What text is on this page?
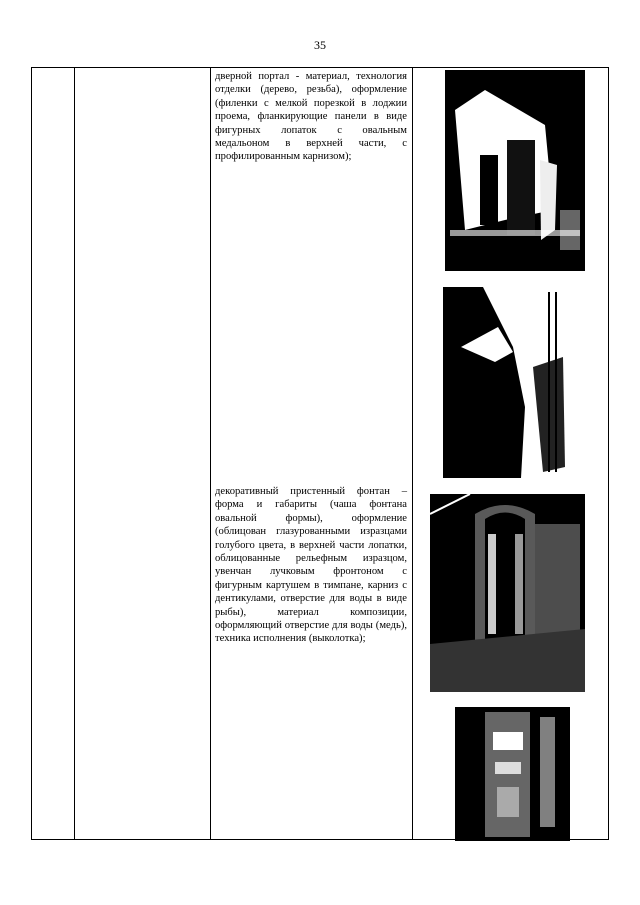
35
дверной портал - материал, технология отделки (дерево, резьба), оформление (филенки с мелкой порезкой в лоджии проема, фланкирующие панели в виде фигурных лопаток с овальным медальоном в верхней части, с профилированным карнизом);
декоративный пристенный фонтан – форма и габариты (чаша фонтана овальной формы), оформление (облицован глазурованными изразцами голубого цвета, в верхней части лопатки, облицованные рельефным изразцом, увенчан лучковым фронтоном с фигурным картушем в тимпане, карниз с дентикулами, отверстие для воды в виде рыбы), материал композиции, оформляющий отверстие для воды (медь), техника исполнения (выколотка);
